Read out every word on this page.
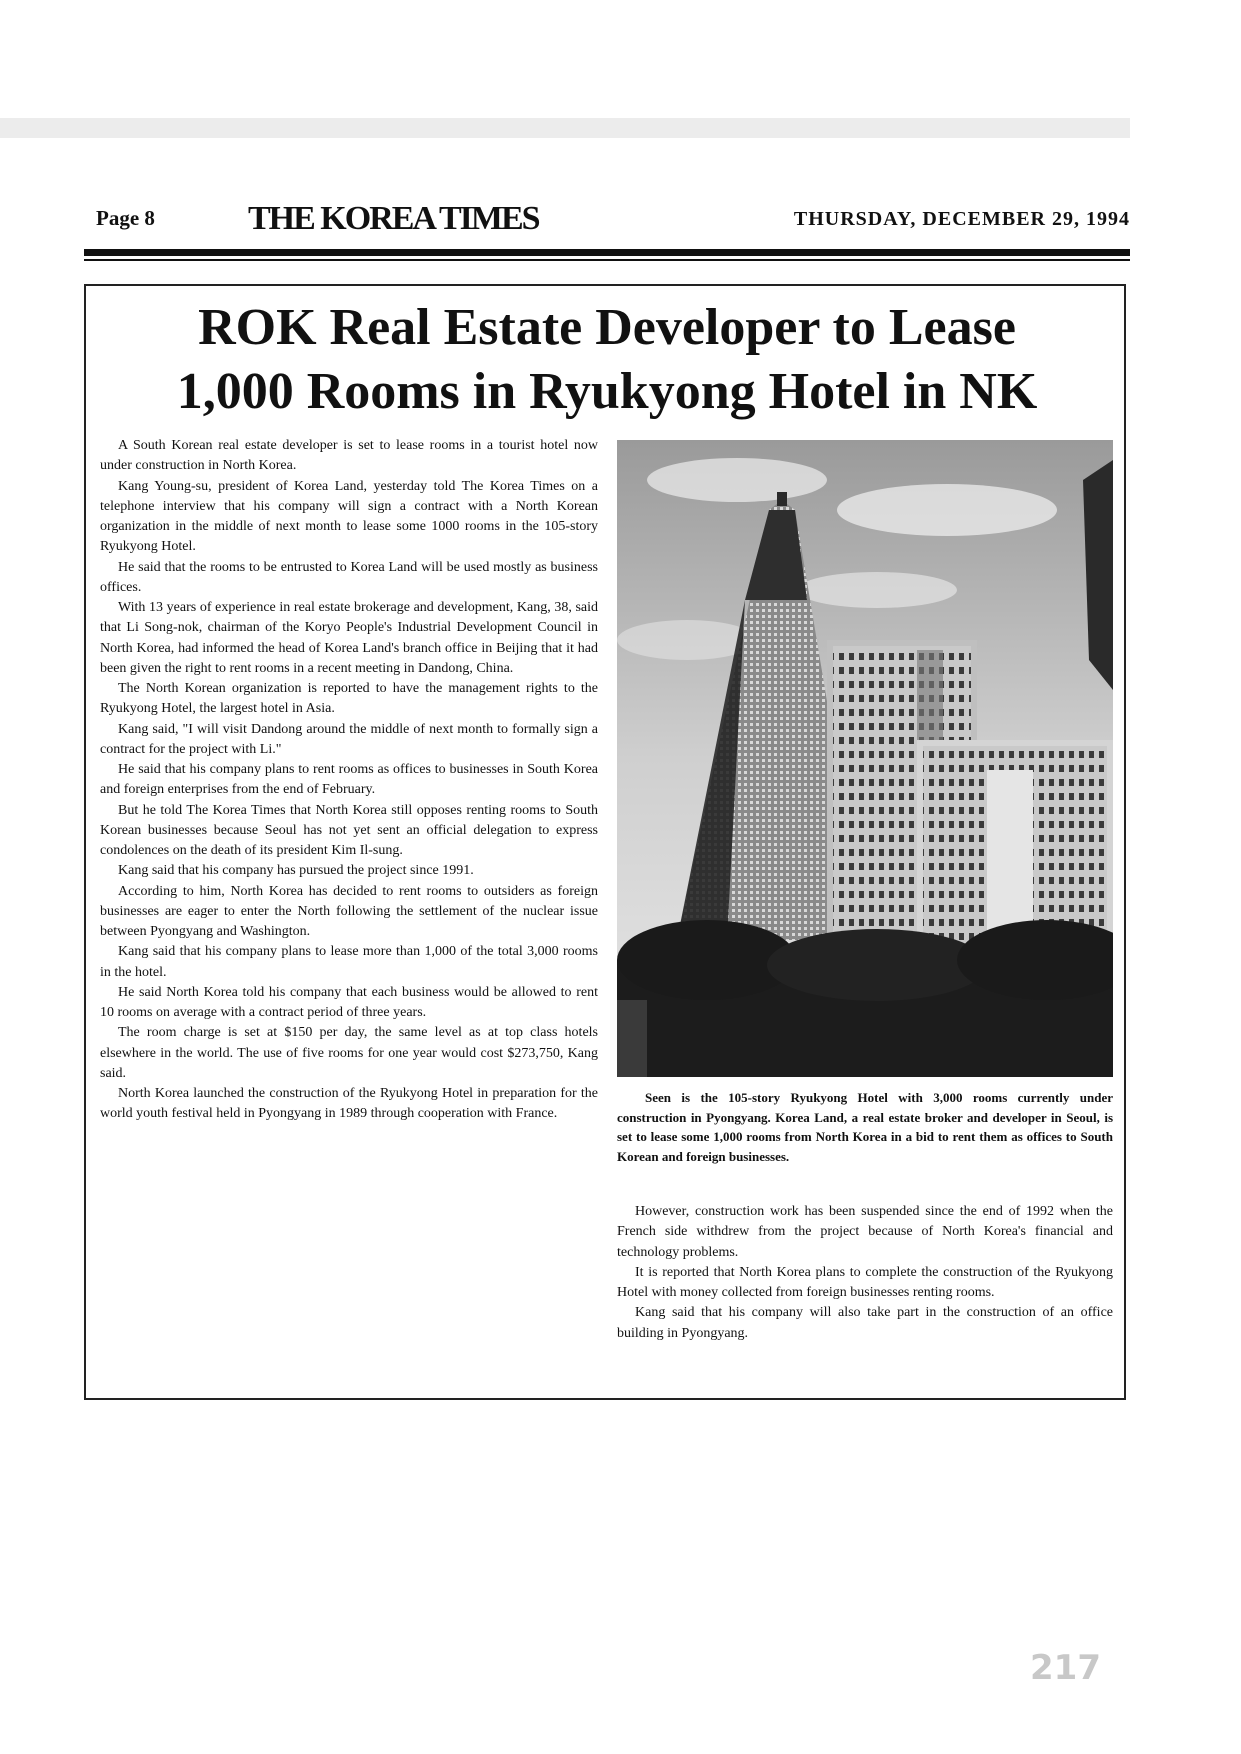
Page 8	THE KOREA TIMES	THURSDAY, DECEMBER 29, 1994
ROK Real Estate Developer to Lease
1,000 Rooms in Ryukyong Hotel in NK

A South Korean real estate developer is set to lease rooms in a tourist hotel now under construction in North Korea.

Kang Young-su, president of Korea Land, yesterday told The Korea Times on a telephone interview that his company will sign a contract with a North Korean organization in the middle of next month to lease some 1000 rooms in the 105-story Ryukyong Hotel.

He said that the rooms to be entrusted to Korea Land will be used mostly as business offices.

With 13 years of experience in real estate brokerage and development, Kang, 38, said that Li Song-nok, chairman of the Koryo People's Industrial Development Council in North Korea, had informed the head of Korea Land's branch office in Beijing that it had been given the right to rent rooms in a recent meeting in Dandong, China.

The North Korean organization is reported to have the management rights to the Ryukyong Hotel, the largest hotel in Asia.

Kang said, "I will visit Dandong around the middle of next month to formally sign a contract for the project with Li."

He said that his company plans to rent rooms as offices to businesses in South Korea and foreign enterprises from the end of February.

But he told The Korea Times that North Korea still opposes renting rooms to South Korean businesses because Seoul has not yet sent an official delegation to express condolences on the death of its president Kim Il-sung.

Kang said that his company has pursued the project since 1991.

According to him, North Korea has decided to rent rooms to outsiders as foreign businesses are eager to enter the North following the settlement of the nuclear issue between Pyongyang and Washington.

Kang said that his company plans to lease more than 1,000 of the total 3,000 rooms in the hotel.

He said North Korea told his company that each business would be allowed to rent 10 rooms on average with a contract period of three years.

The room charge is set at $150 per day, the same level as at top class hotels elsewhere in the world. The use of five rooms for one year would cost $273,750, Kang said.

North Korea launched the construction of the Ryukyong Hotel in preparation for the world youth festival held in Pyongyang in 1989 through cooperation with France.

Seen is the 105-story Ryukyong Hotel with 3,000 rooms currently under construction in Pyongyang. Korea Land, a real estate broker and developer in Seoul, is set to lease some 1,000 rooms from North Korea in a bid to rent them as offices to South Korean and foreign businesses.

However, construction work has been suspended since the end of 1992 when the French side withdrew from the project because of North Korea's financial and technology problems.

It is reported that North Korea plans to complete the construction of the Ryukyong Hotel with money collected from foreign businesses renting rooms.

Kang said that his company will also take part in the construction of an office building in Pyongyang.

217
